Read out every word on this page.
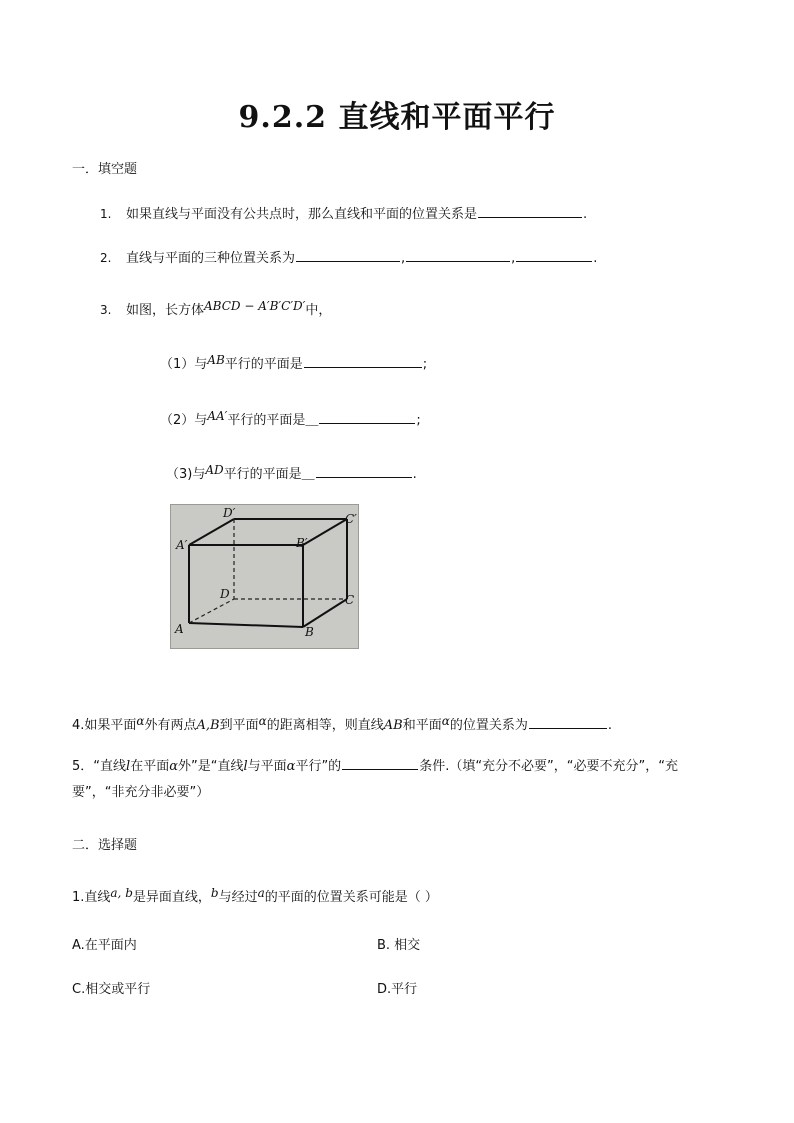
9.2.2 直线和平面平行
一．填空题
1. 如果直线与平面没有公共点时，那么直线和平面的位置关系是	.
2. 直线与平面的三种位置关系为	,	,	.
3. 如图，长方体ABCD − A′B′C′D′中，
（1）与AB平行的平面是	;
（2）与AA′平行的平面是＿	;
（3)与AD平行的平面是＿	.
D′	C′
A′	B′
D	C
A	B
4.如果平面α外有两点A,B到平面α的距离相等，则直线AB和平面α的位置关系为	.
5．“直线l在平面α外”是“直线l与平面α平行”的	条件.（填“充分不必要”，“必要不充分”，“充
要”，“非充分非必要”）
二．选择题
1.直线a, b是异面直线，b与经过a的平面的位置关系可能是（ ）
A.在平面内	B. 相交
C.相交或平行	D.平行
